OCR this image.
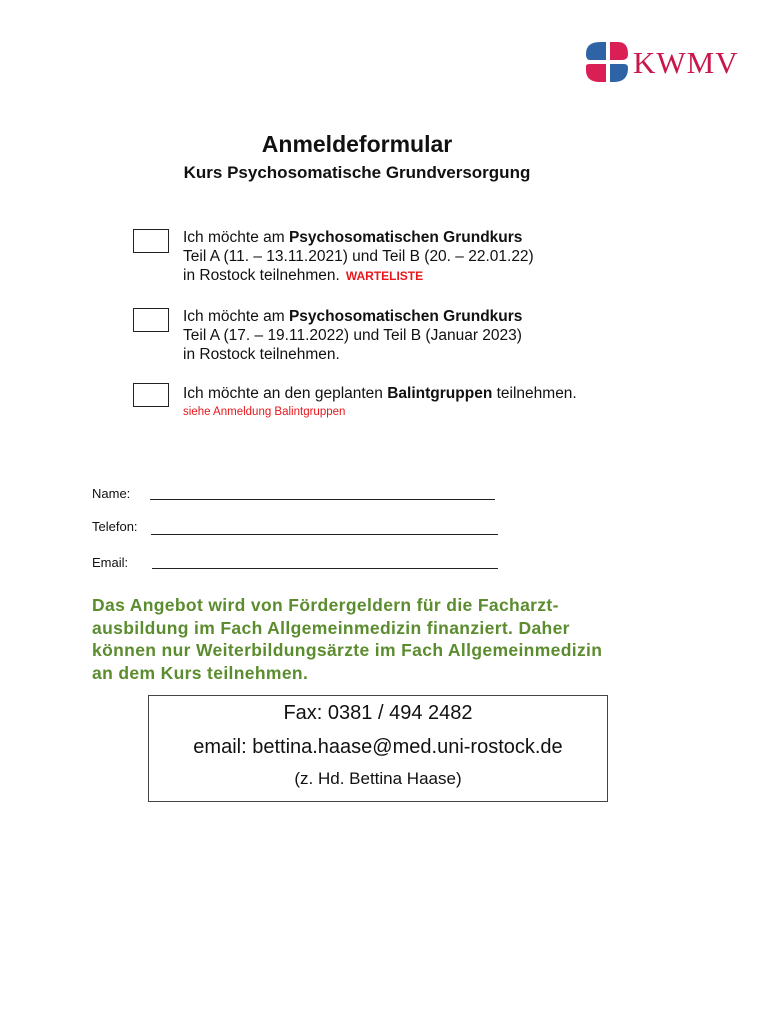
KWMV
Anmeldeformular
Kurs Psychosomatische Grundversorgung

Ich möchte am Psychosomatischen Grundkurs

Teil A (11. – 13.11.2021) und Teil B (20. – 22.01.22)

in Rostock teilnehmen. WARTELISTE

Ich möchte am Psychosomatischen Grundkurs

Teil A (17. – 19.11.2022) und Teil B (Januar 2023)

in Rostock teilnehmen.

Ich möchte an den geplanten Balintgruppen teilnehmen.

siehe Anmeldung Balintgruppen

Name:
Telefon:
Email:
Das Angebot wird von Fördergeldern für die Facharzt-
ausbildung im Fach Allgemeinmedizin finanziert. Daher
können nur Weiterbildungsärzte im Fach Allgemeinmedizin
an dem Kurs teilnehmen.
Fax: 0381 / 494 2482
email: bettina.haase@med.uni-rostock.de
(z. Hd. Bettina Haase)
